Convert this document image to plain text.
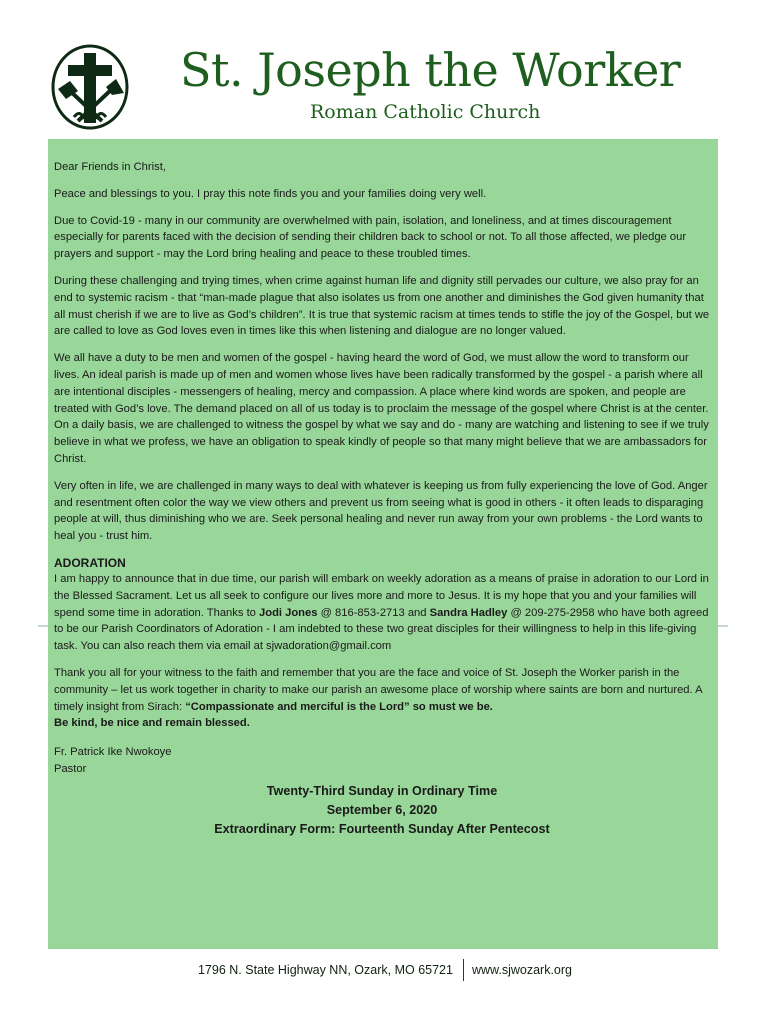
St. Joseph the Worker
Roman Catholic Church

Dear Friends in Christ,

Peace and blessings to you. I pray this note finds you and your families doing very well.

Due to Covid-19 - many in our community are overwhelmed with pain, isolation, and loneliness, and at times discouragement especially for parents faced with the decision of sending their children back to school or not. To all those affected, we pledge our prayers and support - may the Lord bring healing and peace to these troubled times.

During these challenging and trying times, when crime against human life and dignity still pervades our culture, we also pray for an end to systemic racism - that “man-made plague that also isolates us from one another and diminishes the God given humanity that all must cherish if we are to live as God’s children”. It is true that systemic racism at times tends to stifle the joy of the Gospel, but we are called to love as God loves even in times like this when listening and dialogue are no longer valued.

We all have a duty to be men and women of the gospel - having heard the word of God, we must allow the word to transform our lives. An ideal parish is made up of men and women whose lives have been radically transformed by the gospel - a parish where all are intentional disciples - messengers of healing, mercy and compassion. A place where kind words are spoken, and people are treated with God’s love. The demand placed on all of us today is to proclaim the message of the gospel where Christ is at the center. On a daily basis, we are challenged to witness the gospel by what we say and do - many are watching and listening to see if we truly believe in what we profess, we have an obligation to speak kindly of people so that many might believe that we are ambassadors for Christ.

Very often in life, we are challenged in many ways to deal with whatever is keeping us from fully experiencing the love of God. Anger and resentment often color the way we view others and prevent us from seeing what is good in others - it often leads to disparaging people at will, thus diminishing who we are. Seek personal healing and never run away from your own problems - the Lord wants to heal you - trust him.

ADORATION

I am happy to announce that in due time, our parish will embark on weekly adoration as a means of praise in adoration to our Lord in the Blessed Sacrament. Let us all seek to configure our lives more and more to Jesus. It is my hope that you and your families will spend some time in adoration. Thanks to Jodi Jones @ 816-853-2713 and Sandra Hadley @ 209-275-2958 who have both agreed to be our Parish Coordinators of Adoration - I am indebted to these two great disciples for their willingness to help in this life-giving task. You can also reach them via email at sjwadoration@gmail.com

Thank you all for your witness to the faith and remember that you are the face and voice of St. Joseph the Worker parish in the community – let us work together in charity to make our parish an awesome place of worship where saints are born and nurtured. A timely insight from Sirach: “Compassionate and merciful is the Lord” so must we be.
Be kind, be nice and remain blessed.

Fr. Patrick Ike Nwokoye
Pastor

Twenty-Third Sunday in Ordinary Time
September 6, 2020
Extraordinary Form: Fourteenth Sunday After Pentecost
1796 N. State Highway NN, Ozark, MO 65721 www.sjwozark.org
